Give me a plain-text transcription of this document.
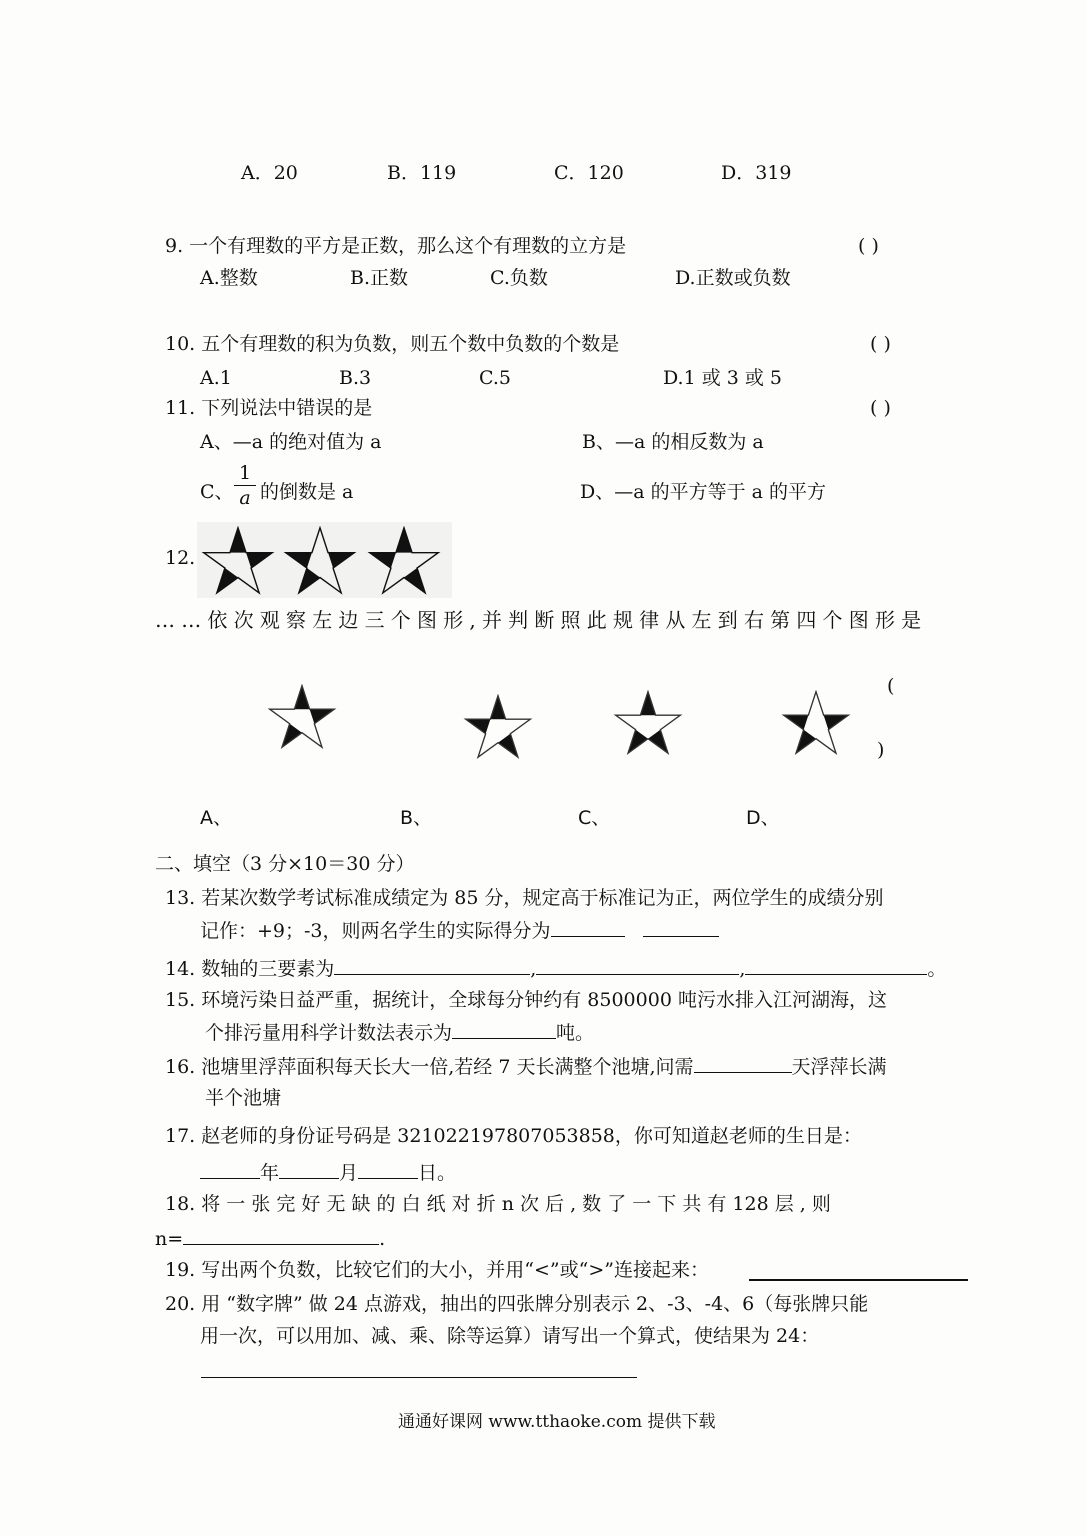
A．20	B．119	C．120	D．319
9. 一个有理数的平方是正数，那么这个有理数的立方是	( )
A.整数	B.正数	C.负数	D.正数或负数
10. 五个有理数的积为负数，则五个数中负数的个数是	( )
A.1	B.3	C.5	D.1 或 3 或 5
11. 下列说法中错误的是	( )
A、—a 的绝对值为 a	B、—a 的相反数为 a
C、
1
a 的倒数是 a	D、—a 的平方等于 a 的平方
12.
……依次观察左边三个图形,并判断照此规律从左到右第四个图形是
(
)
A、	B、	C、	D、
二、填空（3 分×10＝30 分）
13. 若某次数学考试标准成绩定为 85 分，规定高于标准记为正，两位学生的成绩分别
记作：+9；-3，则两名学生的实际得分为
14. 数轴的三要素为	,	,	。
15. 环境污染日益严重，据统计，全球每分钟约有 8500000 吨污水排入江河湖海，这
个排污量用科学计数法表示为	吨。
16. 池塘里浮萍面积每天长大一倍,若经 7 天长满整个池塘,问需	天浮萍长满
半个池塘
17. 赵老师的身份证号码是 321022197807053858，你可知道赵老师的生日是：
年	月	日。
18. 将 一 张 完 好 无 缺 的 白 纸 对 折 n 次 后 , 数 了 一 下 共 有 128 层 , 则
n=	.
19. 写出两个负数，比较它们的大小，并用“<”或“>”连接起来：
20. 用 “数字牌” 做 24 点游戏，抽出的四张牌分别表示 2、-3、-4、6（每张牌只能
用一次，可以用加、减、乘、除等运算）请写出一个算式，使结果为 24：
通通好课网 www.tthaoke.com 提供下载
